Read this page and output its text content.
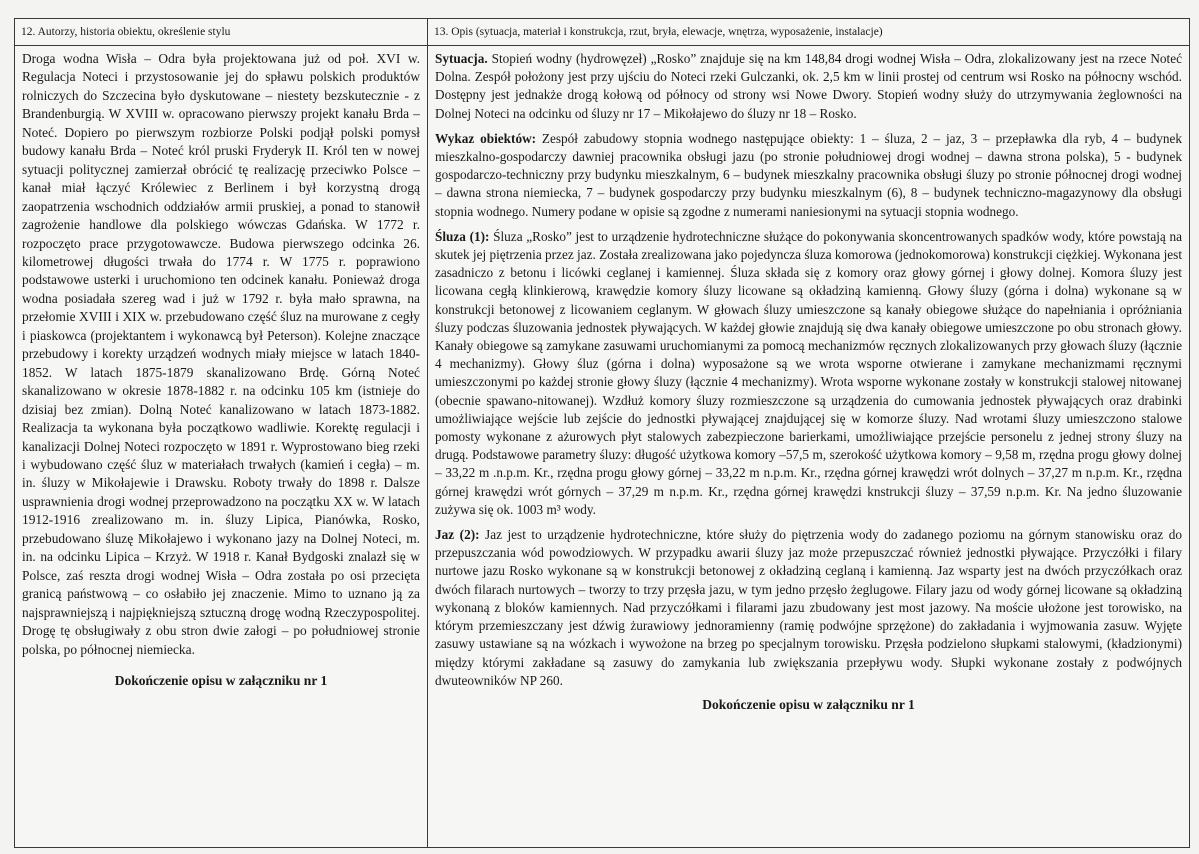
12. Autorzy, historia obiektu, określenie stylu

Droga wodna Wisła – Odra była projektowana już od poł. XVI w. Regulacja Noteci i przystosowanie jej do spławu polskich produktów rolniczych do Szczecina było dyskutowane – niestety bezskutecznie - z Brandenburgią. W XVIII w. opracowano pierwszy projekt kanału Brda – Noteć. Dopiero po pierwszym rozbiorze Polski podjął polski pomysł budowy kanału Brda – Noteć król pruski Fryderyk II. Król ten w nowej sytuacji politycznej zamierzał obrócić tę realizację przeciwko Polsce – kanał miał łączyć Królewiec z Berlinem i był korzystną drogą zaopatrzenia wschodnich oddziałów armii pruskiej, a ponad to stanowił zagrożenie handlowe dla polskiego wówczas Gdańska. W 1772 r. rozpoczęto prace przygotowawcze. Budowa pierwszego odcinka 26. kilometrowej długości trwała do 1774 r. W 1775 r. poprawiono podstawowe usterki i uruchomiono ten odcinek kanału. Ponieważ droga wodna posiadała szereg wad i już w 1792 r. była mało sprawna, na przełomie XVIII i XIX w. przebudowano część śluz na murowane z cegły i piaskowca (projektantem i wykonawcą był Peterson). Kolejne znaczące przebudowy i korekty urządzeń wodnych miały miejsce w latach 1840-1852. W latach 1875-1879 skanalizowano Brdę. Górną Noteć skanalizowano w okresie 1878-1882 r. na odcinku 105 km (istnieje do dzisiaj bez zmian). Dolną Noteć kanalizowano w latach 1873-1882. Realizacja ta wykonana była początkowo wadliwie. Korektę regulacji i kanalizacji Dolnej Noteci rozpoczęto w 1891 r. Wyprostowano bieg rzeki i wybudowano część śluz w materiałach trwałych (kamień i cegła) – m. in. śluzy w Mikołajewie i Drawsku. Roboty trwały do 1898 r. Dalsze usprawnienia drogi wodnej przeprowadzono na początku XX w. W latach 1912-1916 zrealizowano m. in. śluzy Lipica, Pianówka, Rosko, przebudowano śluzę Mikołajewo i wykonano jazy na Dolnej Noteci, m. in. na odcinku Lipica – Krzyż. W 1918 r. Kanał Bydgoski znalazł się w Polsce, zaś reszta drogi wodnej Wisła – Odra została po osi przecięta granicą państwową – co osłabiło jej znaczenie. Mimo to uznano ją za najsprawniejszą i najpiękniejszą sztuczną drogę wodną Rzeczypospolitej. Drogę tę obsługiwały z obu stron dwie załogi – po południowej stronie polska, po północnej niemiecka.

Dokończenie opisu w załączniku nr 1
13. Opis (sytuacja, materiał i konstrukcja, rzut, bryła, elewacje, wnętrza, wyposażenie, instalacje)

Sytuacja. Stopień wodny (hydrowęzeł) „Rosko” znajduje się na km 148,84 drogi wodnej Wisła – Odra, zlokalizowany jest na rzece Noteć Dolna. Zespół położony jest przy ujściu do Noteci rzeki Gulczanki, ok. 2,5 km w linii prostej od centrum wsi Rosko na północny wschód. Dostępny jest jednakże drogą kołową od północy od strony wsi Nowe Dwory. Stopień wodny służy do utrzymywania żeglowności na Dolnej Noteci na odcinku od śluzy nr 17 – Mikołajewo do śluzy nr 18 – Rosko.

Wykaz obiektów: Zespół zabudowy stopnia wodnego następujące obiekty: 1 – śluza, 2 – jaz, 3 – przepławka dla ryb, 4 – budynek mieszkalno-gospodarczy dawniej pracownika obsługi jazu (po stronie południowej drogi wodnej – dawna strona polska), 5 - budynek gospodarczo-techniczny przy budynku mieszkalnym, 6 – budynek mieszkalny pracownika obsługi śluzy po stronie północnej drogi wodnej – dawna strona niemiecka, 7 – budynek gospodarczy przy budynku mieszkalnym (6), 8 – budynek techniczno-magazynowy dla obsługi stopnia wodnego. Numery podane w opisie są zgodne z numerami naniesionymi na sytuacji stopnia wodnego.

Śluza (1): Śluza „Rosko” jest to urządzenie hydrotechniczne służące do pokonywania skoncentrowanych spadków wody, które powstają na skutek jej piętrzenia przez jaz. Została zrealizowana jako pojedyncza śluza komorowa (jednokomorowa) konstrukcji ciężkiej. Wykonana jest zasadniczo z betonu i licówki ceglanej i kamiennej. Śluza składa się z komory oraz głowy górnej i głowy dolnej. Komora śluzy jest licowana cegłą klinkierową, krawędzie komory śluzy licowane są okładziną kamienną. Głowy śluzy (górna i dolna) wykonane są w konstrukcji betonowej z licowaniem ceglanym. W głowach śluzy umieszczone są kanały obiegowe służące do napełniania i opróżniania śluzy podczas śluzowania jednostek pływających. W każdej głowie znajdują się dwa kanały obiegowe umieszczone po obu stronach głowy. Kanały obiegowe są zamykane zasuwami uruchomianymi za pomocą mechanizmów ręcznych zlokalizowanych przy głowach śluzy (łącznie 4 mechanizmy). Głowy śluz (górna i dolna) wyposażone są we wrota wsporne otwierane i zamykane mechanizmami ręcznymi umieszczonymi po każdej stronie głowy śluzy (łącznie 4 mechanizmy). Wrota wsporne wykonane zostały w konstrukcji stalowej nitowanej (obecnie spawano-nitowanej). Wzdłuż komory śluzy rozmieszczone są urządzenia do cumowania jednostek pływających oraz drabinki umożliwiające wejście lub zejście do jednostki pływającej znajdującej się w komorze śluzy. Nad wrotami śluzy umieszczono stalowe pomosty wykonane z ażurowych płyt stalowych zabezpieczone barierkami, umożliwiające przejście personelu z jednej strony śluzy na drugą. Podstawowe parametry śluzy: długość użytkowa komory –57,5 m, szerokość użytkowa komory – 9,58 m, rzędna progu głowy dolnej – 33,22 m .n.p.m. Kr., rzędna progu głowy górnej – 33,22 m n.p.m. Kr., rzędna górnej krawędzi wrót dolnych – 37,27 m n.p.m. Kr., rzędna górnej krawędzi wrót górnych – 37,29 m n.p.m. Kr., rzędna górnej krawędzi knstrukcji śluzy – 37,59 n.p.m. Kr. Na jedno śluzowanie zużywa się ok. 1003 m³ wody.

Jaz (2): Jaz jest to urządzenie hydrotechniczne, które służy do piętrzenia wody do zadanego poziomu na górnym stanowisku oraz do przepuszczania wód powodziowych. W przypadku awarii śluzy jaz może przepuszczać również jednostki pływające. Przyczółki i filary nurtowe jazu Rosko wykonane są w konstrukcji betonowej z okładziną ceglaną i kamienną. Jaz wsparty jest na dwóch przyczółkach oraz dwóch filarach nurtowych – tworzy to trzy przęsła jazu, w tym jedno przęsło żeglugowe. Filary jazu od wody górnej licowane są okładziną wykonaną z bloków kamiennych. Nad przyczółkami i filarami jazu zbudowany jest most jazowy. Na moście ułożone jest torowisko, na którym przemieszczany jest dźwig żurawiowy jednoramienny (ramię podwójne sprzężone) do zakładania i wyjmowania zasuw. Wyjęte zasuwy ustawiane są na wózkach i wywożone na brzeg po specjalnym torowisku. Przęsła podzielono słupkami stalowymi, (kładzionymi) między którymi zakładane są zasuwy do zamykania lub zwiększania przepływu wody. Słupki wykonane zostały z podwójnych dwuteowników NP 260.

Dokończenie opisu w załączniku nr 1
